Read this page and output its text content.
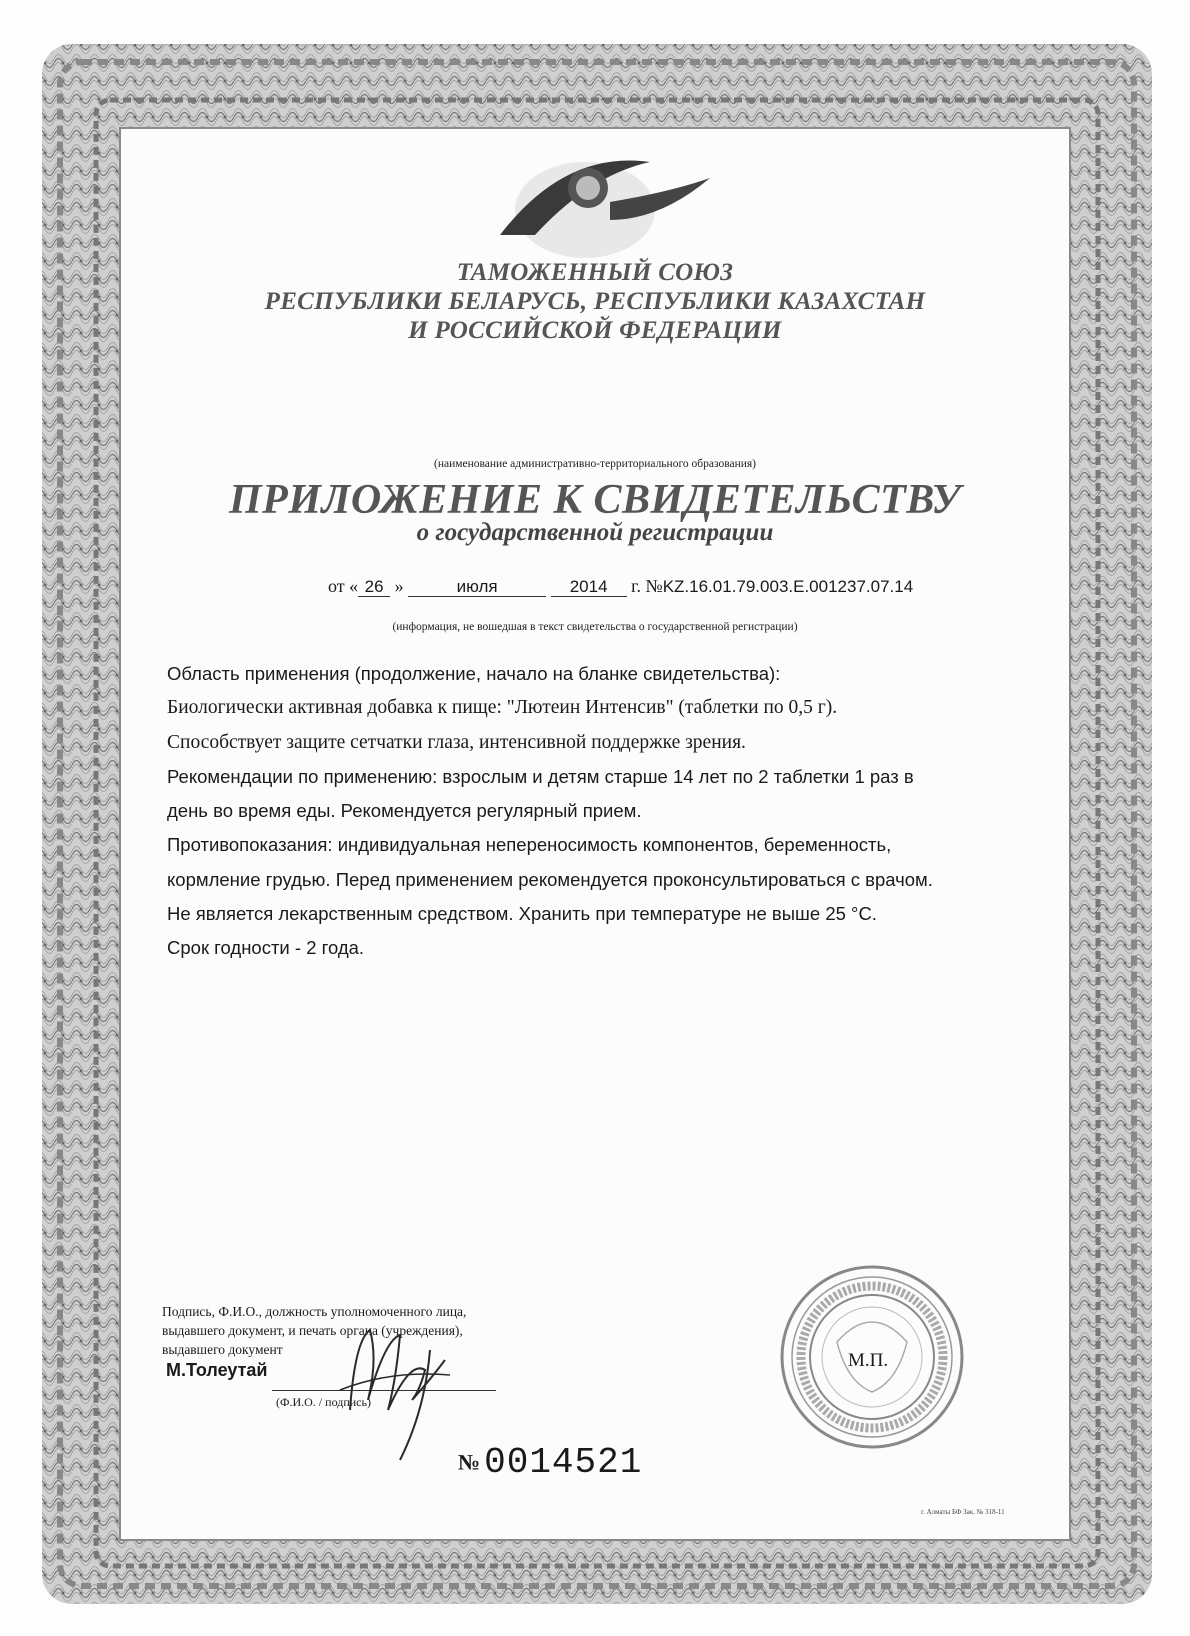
ТАМОЖЕННЫЙ СОЮЗ
РЕСПУБЛИКИ БЕЛАРУСЬ, РЕСПУБЛИКИ КАЗАХСТАН
И РОССИЙСКОЙ ФЕДЕРАЦИИ
(наименование административно-территориального образования)
ПРИЛОЖЕНИЕ К СВИДЕТЕЛЬСТВУ
о государственной регистрации
от « 26 »	июля	2014 г. №KZ.16.01.79.003.E.001237.07.14
(информация, не вошедшая в текст свидетельства о государственной регистрации)
Область применения (продолжение, начало на бланке свидетельства):
Биологически активная добавка к пище: "Лютеин Интенсив" (таблетки по 0,5 г).
Способствует защите сетчатки глаза, интенсивной поддержке зрения.
Рекомендации по применению: взрослым и детям старше 14 лет по 2 таблетки 1 раз в
день во время еды. Рекомендуется регулярный прием.
Противопоказания: индивидуальная непереносимость компонентов, беременность,
кормление грудью. Перед применением рекомендуется проконсультироваться с врачом.
Не является лекарственным средством. Хранить при температуре не выше 25 °С.
Срок годности - 2 года.
Подпись, Ф.И.О., должность уполномоченного лица,
выдавшего документ, и печать органа (учреждения),
выдавшего документ
М.Толеутай
(Ф.И.О. / подпись)
М.П.
№ 0014521
г. Алматы БФ Зак. № 318-11
